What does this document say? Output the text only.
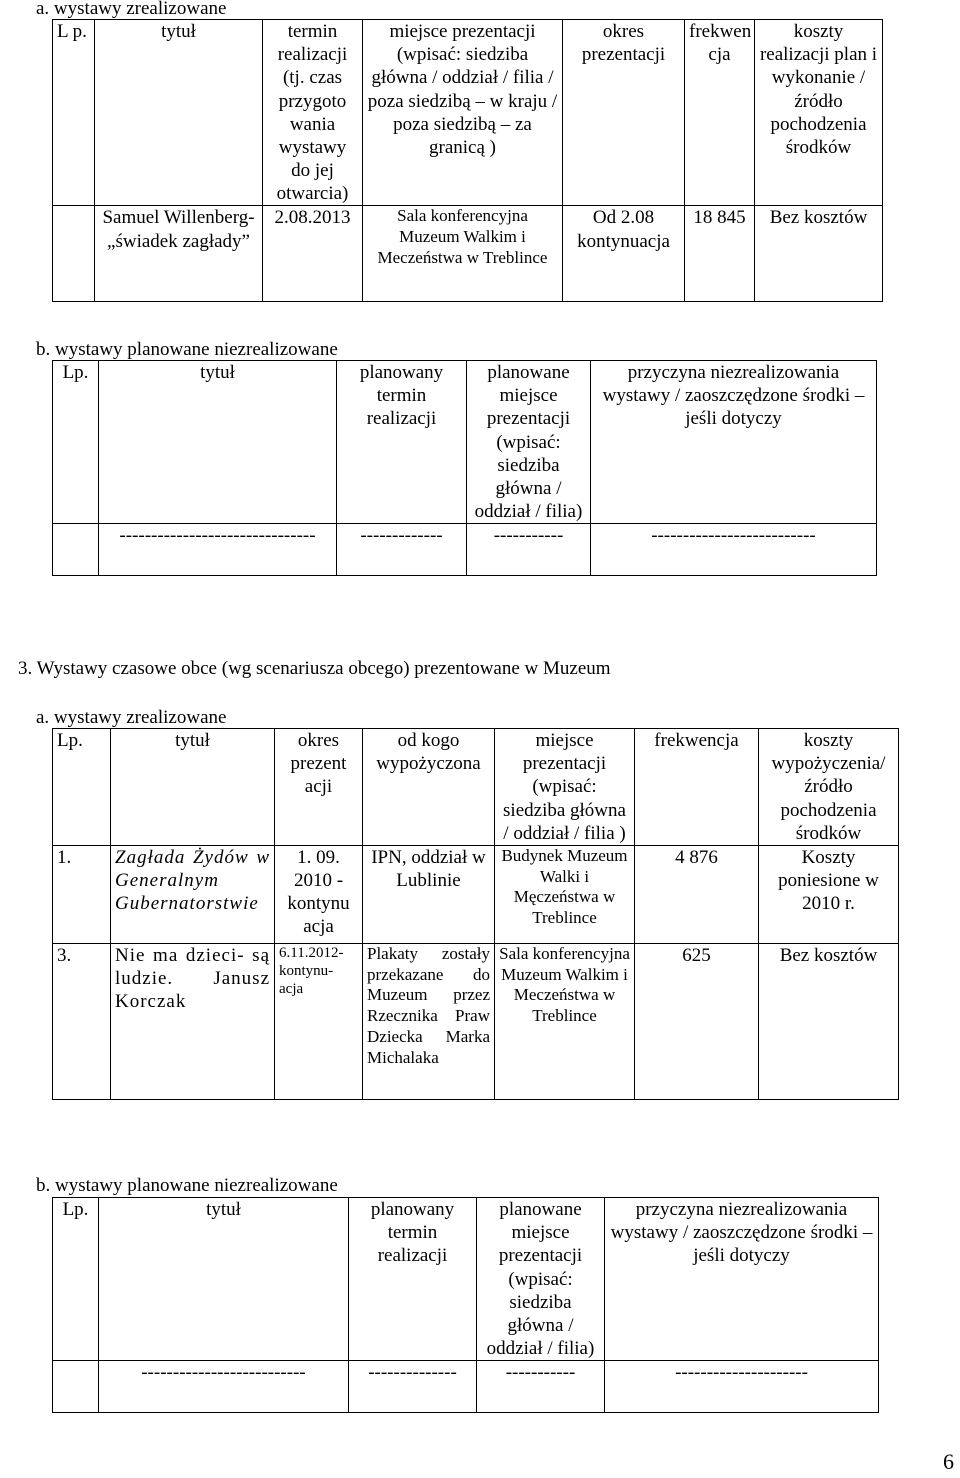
a. wystawy zrealizowane
L p.	tytuł	termin realizacji (tj. czas przygoto wania wystawy do jej otwarcia)	miejsce prezentacji (wpisać: siedziba główna / oddział / filia / poza siedzibą – w kraju / poza siedzibą – za granicą )	okres prezentacji	frekwen cja	koszty realizacji plan i wykonanie / źródło pochodzenia środków
	Samuel Willenberg- „świadek zagłady”	2.08.2013	Sala konferencyjna Muzeum Walkim i Meczeństwa w Treblince	Od 2.08 kontynuacja	18 845	Bez kosztów
b. wystawy planowane niezrealizowane
Lp.	tytuł	planowany termin realizacji	planowane miejsce prezentacji (wpisać: siedziba główna / oddział / filia)	przyczyna niezrealizowania wystawy / zaoszczędzone środki – jeśli dotyczy
	-------------------------------	-------------	-----------	--------------------------
3. Wystawy czasowe obce (wg scenariusza obcego) prezentowane w Muzeum
a. wystawy zrealizowane
Lp.	tytuł	okres prezent acji	od kogo wypożyczona	miejsce prezentacji (wpisać: siedziba główna / oddział / filia )	frekwencja	koszty wypożyczenia/ źródło pochodzenia środków
1.	Zagłada Żydów w Generalnym Gubernatorstwie	1. 09. 2010 - kontynu acja	IPN, oddział w Lublinie	Budynek Muzeum Walki i Męczeństwa w Treblince	4 876	Koszty poniesione w 2010 r.
3.	Nie ma dzieci- są ludzie. Janusz Korczak	6.11.2012- kontynu- acja	Plakaty zostały przekazane do Muzeum przez Rzecznika Praw Dziecka Marka Michalaka	Sala konferencyjna Muzeum Walkim i Meczeństwa w Treblince	625	Bez kosztów
b. wystawy planowane niezrealizowane
Lp.	tytuł	planowany termin realizacji	planowane miejsce prezentacji (wpisać: siedziba główna / oddział / filia)	przyczyna niezrealizowania wystawy / zaoszczędzone środki – jeśli dotyczy
	--------------------------	--------------	-----------	---------------------
6
